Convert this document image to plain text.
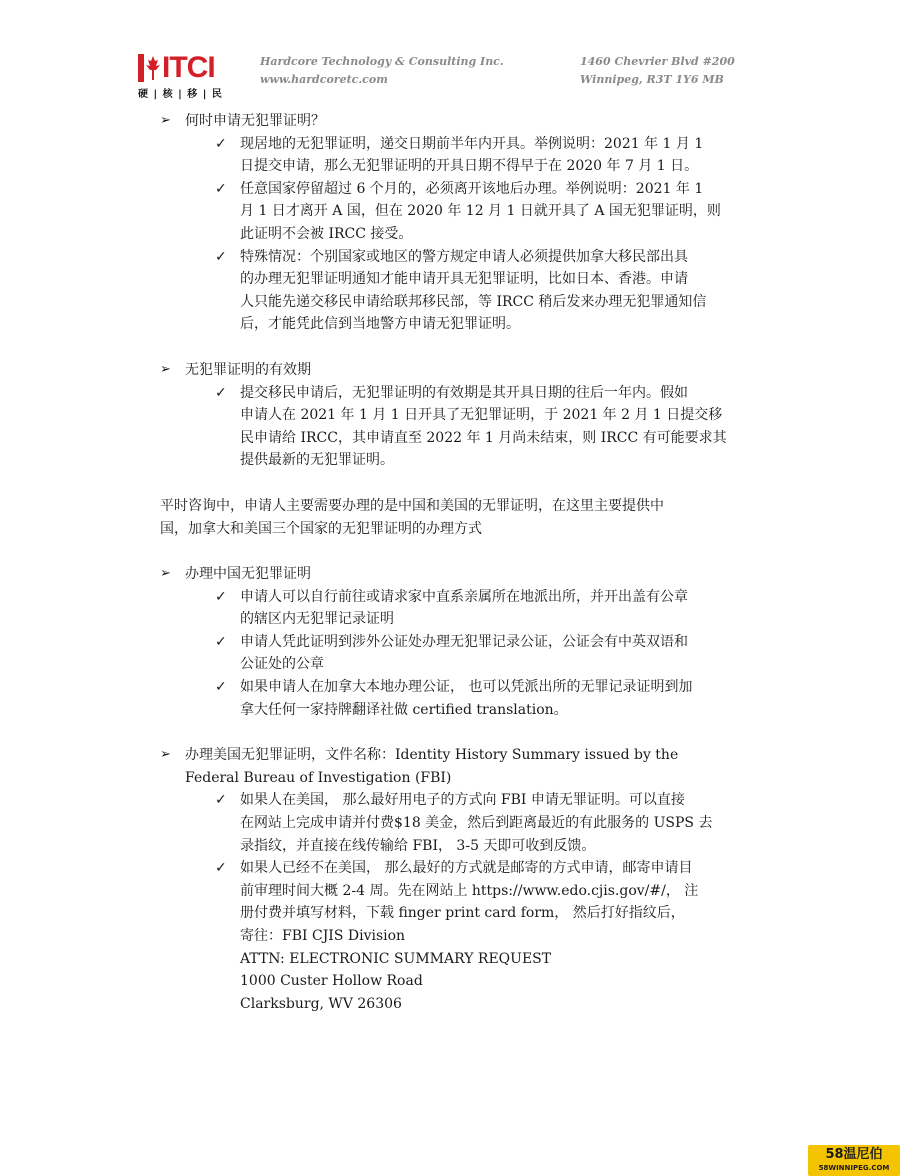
ITCI
硬 | 核 | 移 | 民
Hardcore Technology & Consulting Inc.
www.hardcoretc.com
1460 Chevrier Blvd #200
Winnipeg, R3T 1Y6 MB
➢ 何时申请无犯罪证明？
✓ 现居地的无犯罪证明，递交日期前半年内开具。举例说明：2021 年 1 月 1
日提交申请，那么无犯罪证明的开具日期不得早于在 2020 年 7 月 1 日。
✓ 任意国家停留超过 6 个月的，必须离开该地后办理。举例说明：2021 年 1
月 1 日才离开 A 国，但在 2020 年 12 月 1 日就开具了 A 国无犯罪证明，则
此证明不会被 IRCC 接受。
✓ 特殊情况：个别国家或地区的警方规定申请人必须提供加拿大移民部出具
的办理无犯罪证明通知才能申请开具无犯罪证明，比如日本、香港。申请
人只能先递交移民申请给联邦移民部，等 IRCC 稍后发来办理无犯罪通知信
后，才能凭此信到当地警方申请无犯罪证明。
➢ 无犯罪证明的有效期
✓ 提交移民申请后，无犯罪证明的有效期是其开具日期的往后一年内。假如
申请人在 2021 年 1 月 1 日开具了无犯罪证明，于 2021 年 2 月 1 日提交移
民申请给 IRCC，其申请直至 2022 年 1 月尚未结束，则 IRCC 有可能要求其
提供最新的无犯罪证明。
平时咨询中，申请人主要需要办理的是中国和美国的无罪证明，在这里主要提供中
国，加拿大和美国三个国家的无犯罪证明的办理方式
➢ 办理中国无犯罪证明
✓ 申请人可以自行前往或请求家中直系亲属所在地派出所，并开出盖有公章
的辖区内无犯罪记录证明
✓ 申请人凭此证明到涉外公证处办理无犯罪记录公证，公证会有中英双语和
公证处的公章
✓ 如果申请人在加拿大本地办理公证， 也可以凭派出所的无罪记录证明到加
拿大任何一家持牌翻译社做 certified translation。
➢ 办理美国无犯罪证明，文件名称：Identity History Summary issued by the
Federal Bureau of Investigation (FBI)
✓ 如果人在美国， 那么最好用电子的方式向 FBI 申请无罪证明。可以直接
在网站上完成申请并付费$18 美金，然后到距离最近的有此服务的 USPS 去
录指纹，并直接在线传输给 FBI， 3-5 天即可收到反馈。
✓ 如果人已经不在美国， 那么最好的方式就是邮寄的方式申请，邮寄申请目
前审理时间大概 2-4 周。先在网站上 https://www.edo.cjis.gov/#/， 注
册付费并填写材料，下载 finger print card form， 然后打好指纹后，
寄往：FBI CJIS Division
ATTN: ELECTRONIC SUMMARY REQUEST
1000 Custer Hollow Road
Clarksburg, WV 26306
58温尼伯
58WINNIPEG.COM
